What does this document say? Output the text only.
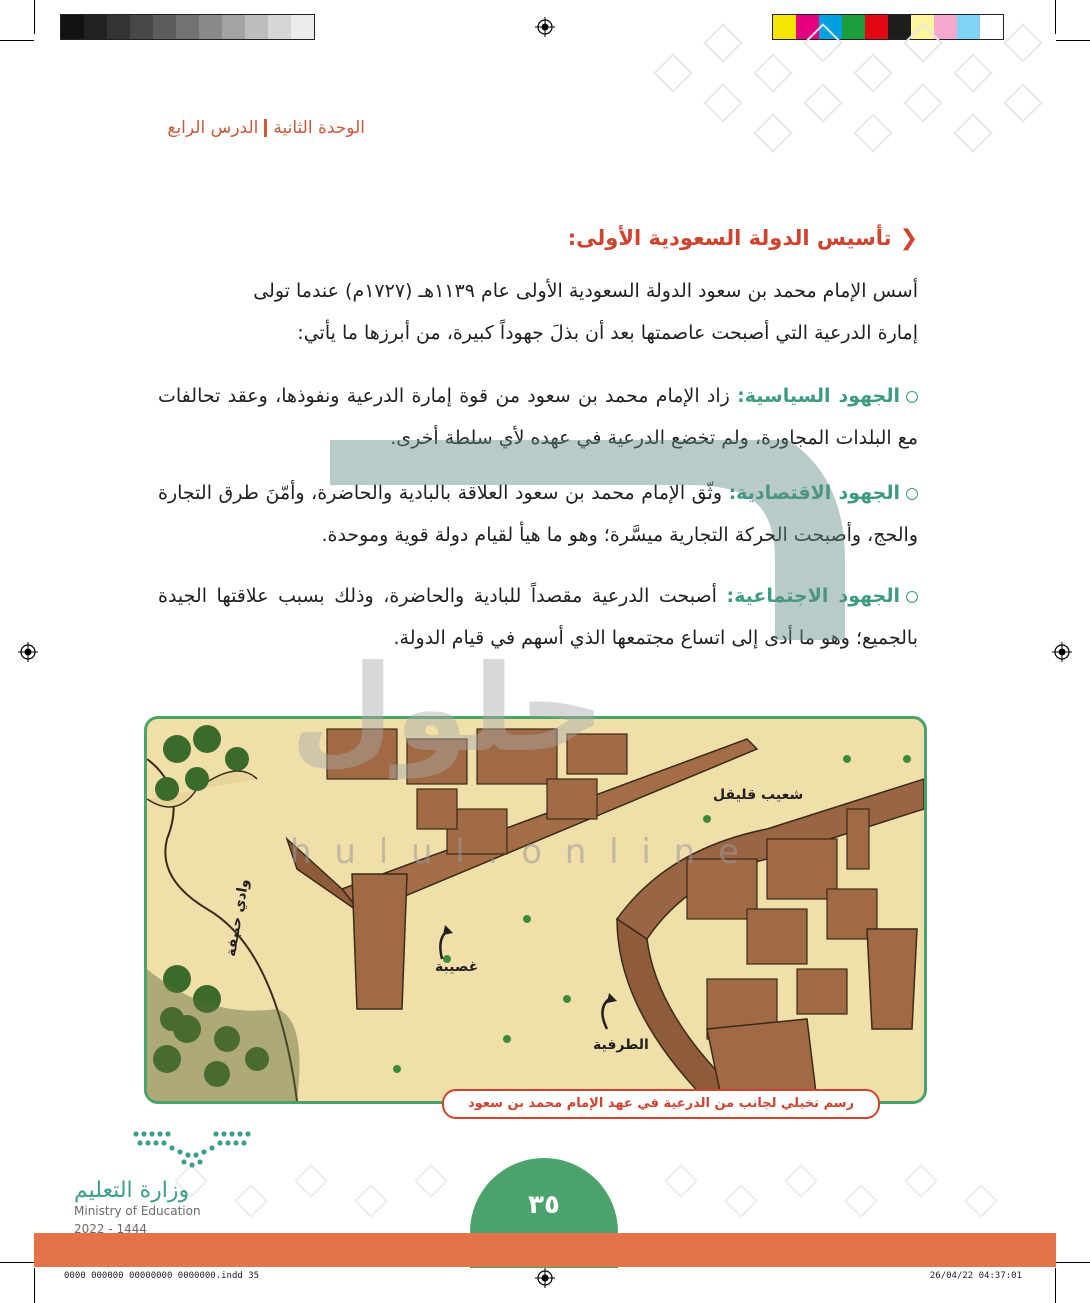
الوحدة الثانيةالدرس الرابع
❮تأسيس الدولة السعودية الأولى:

أسس الإمام محمد بن سعود الدولة السعودية الأولى عام ١١٣٩هـ (١٧٢٧م) عندما تولى

إمارة الدرعية التي أصبحت عاصمتها بعد أن بذلَ جهوداً كبيرة، من أبرزها ما يأتي:

الجهود السياسية: زاد الإمام محمد بن سعود من قوة إمارة الدرعية ونفوذها، وعقد تحالفات مع البلدات المجاورة، ولم تخضع الدرعية في عهده لأي سلطة أخرى.

الجهود الاقتصادية: وثّق الإمام محمد بن سعود العلاقة بالبادية والحاضرة، وأمّنَ طرق التجارة والحج، وأصبحت الحركة التجارية ميسَّرة؛ وهو ما هيأ لقيام دولة قوية وموحدة.

الجهود الاجتماعية: أصبحت الدرعية مقصداً للبادية والحاضرة، وذلك بسبب علاقتها الجيدة بالجميع؛ وهو ما أدى إلى اتساع مجتمعها الذي أسهم في قيام الدولة.

شعيب قليقل
غصيبة
الطرفية
وادي حنيفة
رسم تخيلي لجانب من الدرعية في عهد الإمام محمد بن سعود
حلول
h u l u l . o n l i n e
٣٥
وزارة التعليم
Ministry of Education
2022 - 1444
0000 000000 00000000 0000000.indd 35	26/04/22 04:37:01
